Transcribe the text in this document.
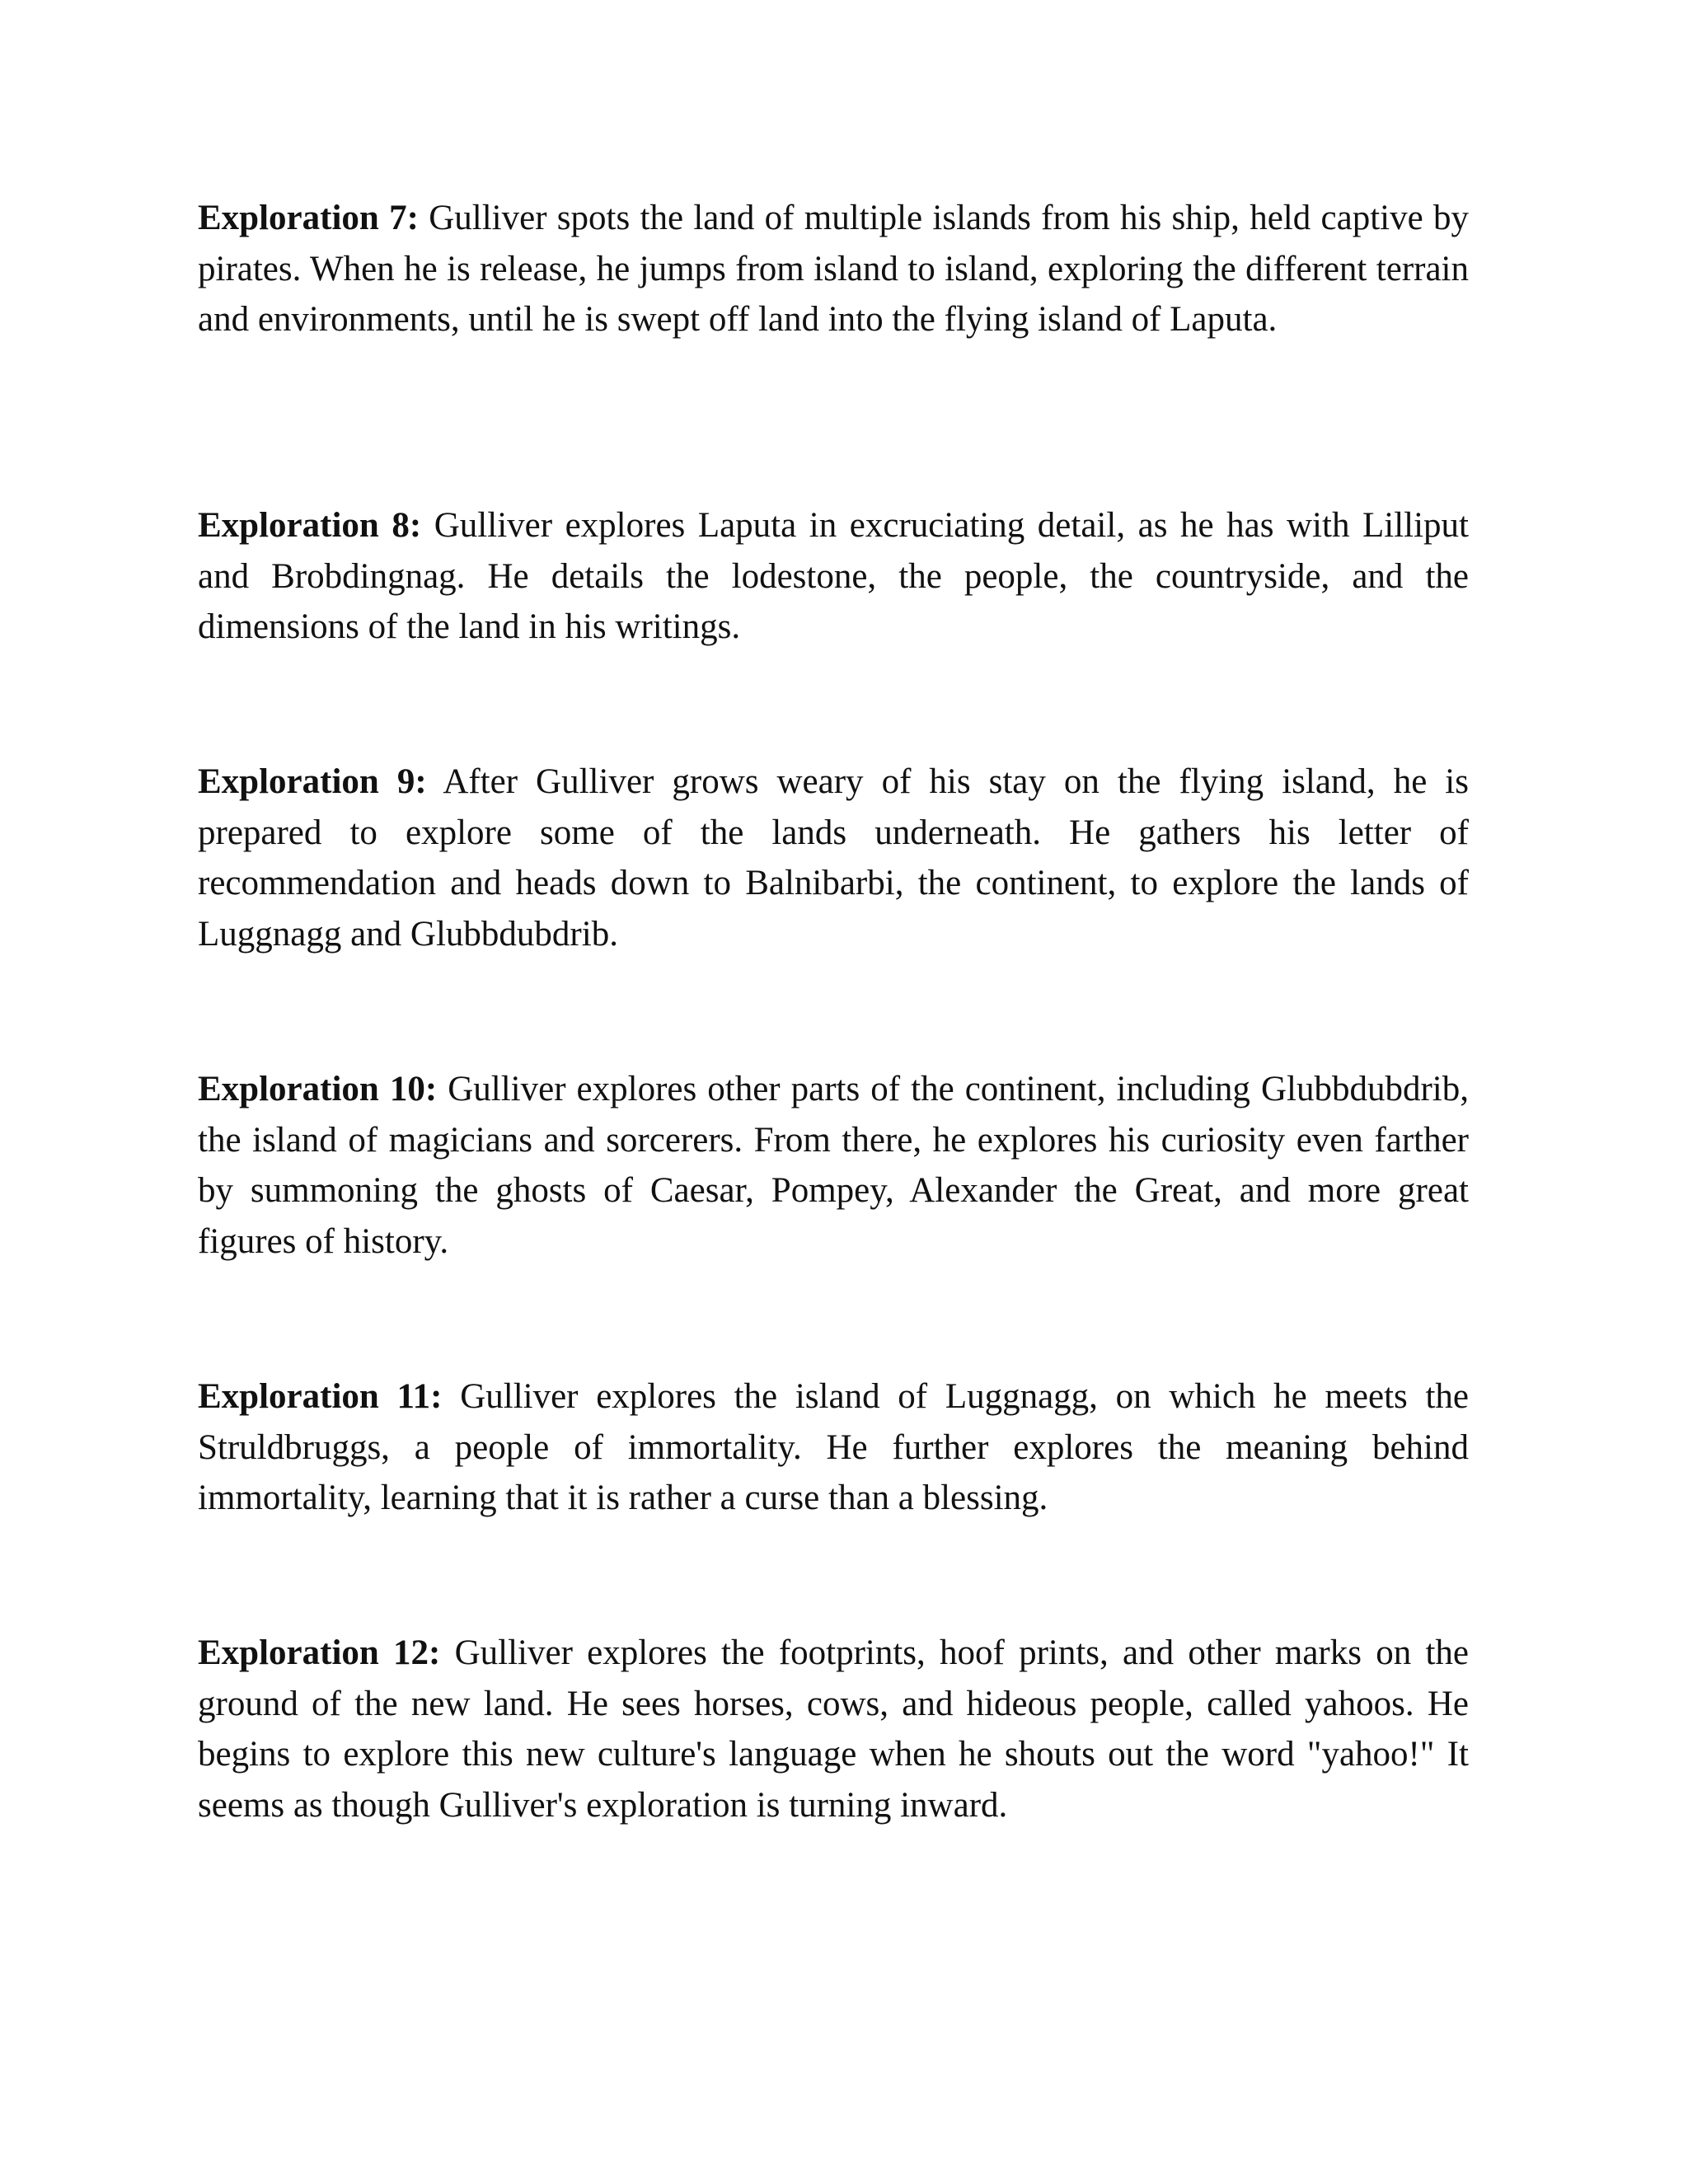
Exploration 7: Gulliver spots the land of multiple islands from his ship, held captive by pirates. When he is release, he jumps from island to island, exploring the different terrain and environments, until he is swept off land into the flying island of Laputa.

Exploration 8: Gulliver explores Laputa in excruciating detail, as he has with Lilliput and Brobdingnag. He details the lodestone, the people, the countryside, and the dimensions of the land in his writings.

Exploration 9: After Gulliver grows weary of his stay on the flying island, he is prepared to explore some of the lands underneath. He gathers his letter of recommendation and heads down to Balnibarbi, the continent, to explore the lands of Luggnagg and Glubbdubdrib.

Exploration 10: Gulliver explores other parts of the continent, including Glubbdubdrib, the island of magicians and sorcerers. From there, he explores his curiosity even farther by summoning the ghosts of Caesar, Pompey, Alexander the Great, and more great figures of history.

Exploration 11: Gulliver explores the island of Luggnagg, on which he meets the Struldbruggs, a people of immortality. He further explores the meaning behind immortality, learning that it is rather a curse than a blessing.

Exploration 12: Gulliver explores the footprints, hoof prints, and other marks on the ground of the new land. He sees horses, cows, and hideous people, called yahoos. He begins to explore this new culture's language when he shouts out the word "yahoo!" It seems as though Gulliver's exploration is turning inward.
